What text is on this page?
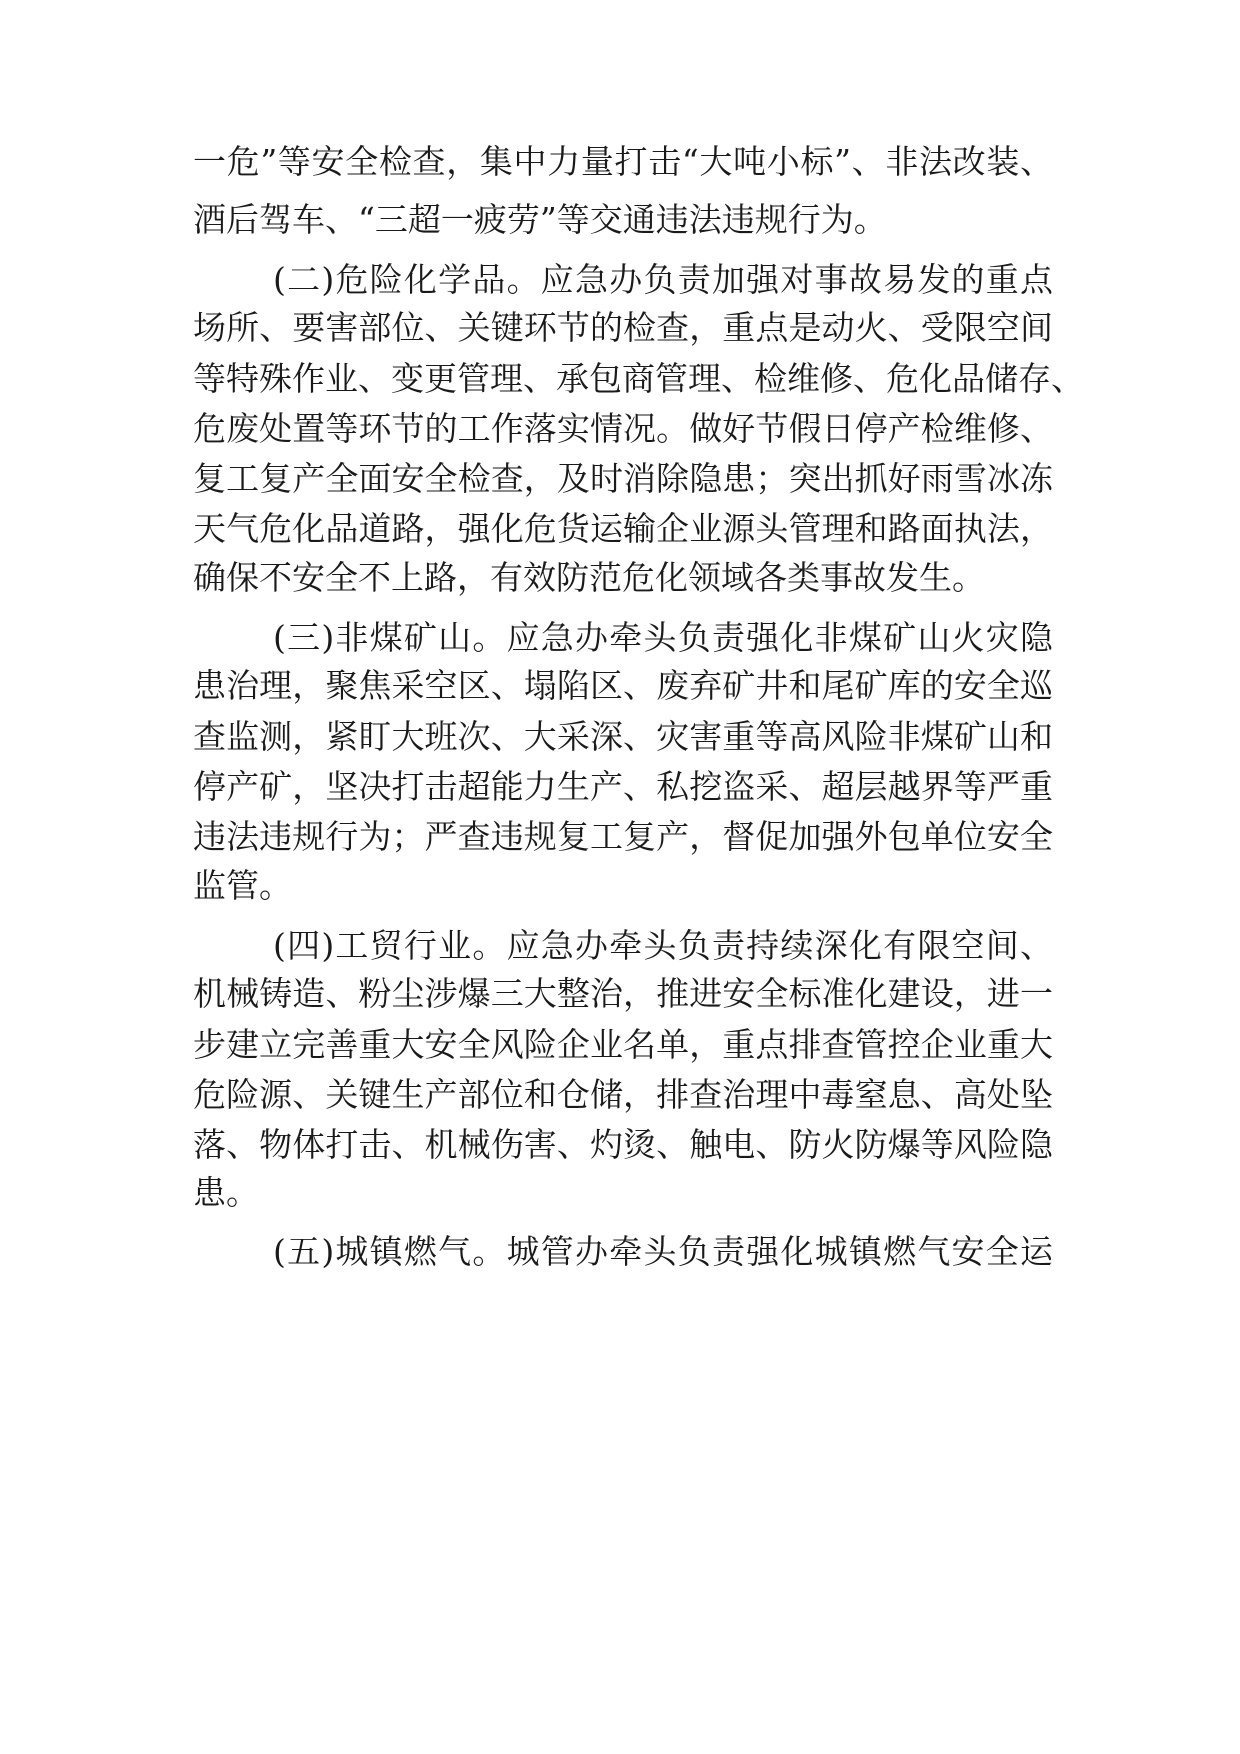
一危”等安全检查，集中力量打击“大吨小标”、非法改装、
酒后驾车、“三超一疲劳”等交通违法违规行为。
(二)危险化学品。应急办负责加强对事故易发的重点
场所、要害部位、关键环节的检查，重点是动火、受限空间
等特殊作业、变更管理、承包商管理、检维修、危化品储存、
危废处置等环节的工作落实情况。做好节假日停产检维修、
复工复产全面安全检查，及时消除隐患；突出抓好雨雪冰冻
天气危化品道路，强化危货运输企业源头管理和路面执法，
确保不安全不上路，有效防范危化领域各类事故发生。
(三)非煤矿山。应急办牵头负责强化非煤矿山火灾隐
患治理，聚焦采空区、塌陷区、废弃矿井和尾矿库的安全巡
查监测，紧盯大班次、大采深、灾害重等高风险非煤矿山和
停产矿，坚决打击超能力生产、私挖盗采、超层越界等严重
违法违规行为；严查违规复工复产，督促加强外包单位安全
监管。
(四)工贸行业。应急办牵头负责持续深化有限空间、
机械铸造、粉尘涉爆三大整治，推进安全标准化建设，进一
步建立完善重大安全风险企业名单，重点排查管控企业重大
危险源、关键生产部位和仓储，排查治理中毒窒息、高处坠
落、物体打击、机械伤害、灼烫、触电、防火防爆等风险隐
患。
(五)城镇燃气。城管办牵头负责强化城镇燃气安全运
